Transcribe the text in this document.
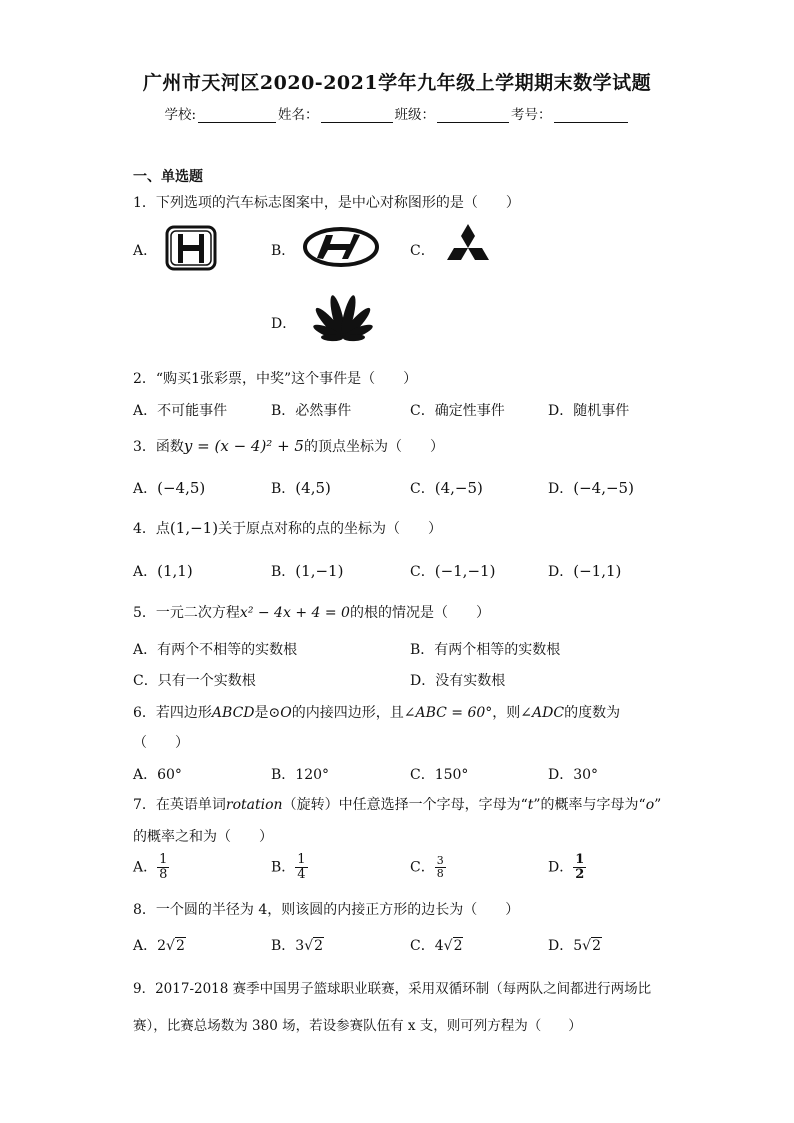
广州市天河区2020-2021学年九年级上学期期末数学试题
学校:	姓名：	班级：	考号：
一、单选题
1．下列选项的汽车标志图案中，是中心对称图形的是（　　）
A．	B．	C．
D．
2．“购买1张彩票，中奖”这个事件是（　　）
A．不可能事件	B．必然事件	C．确定性事件	D．随机事件
3．函数y = (x − 4)² + 5的顶点坐标为（　　）
A．(−4,5)	B．(4,5)	C．(4,−5)	D．(−4,−5)
4．点(1,−1)关于原点对称的点的坐标为（　　）
A．(1,1)	B．(1,−1)	C．(−1,−1)	D．(−1,1)
5．一元二次方程x² − 4x + 4 = 0的根的情况是（　　）
A．有两个不相等的实数根	B．有两个相等的实数根
C．只有一个实数根	D．没有实数根
6．若四边形ABCD是⊙O的内接四边形，且∠ABC = 60°，则∠ADC的度数为
（　　）
A．60°	B．120°	C．150°	D．30°
7．在英语单词rotation（旋转）中任意选择一个字母，字母为“t”的概率与字母为“o”
的概率之和为（　　）
A． $\frac{1}{8}$	B． $\frac{1}{4}$	C． $\frac{3}{8}$	D． $\frac{1}{2}$
8．一个圆的半径为 4，则该圆的内接正方形的边长为（　　）
A．2√2	B．3√2	C．4√2	D．5√2
9．2017-2018 赛季中国男子篮球职业联赛，采用双循环制（每两队之间都进行两场比
赛），比赛总场数为 380 场，若设参赛队伍有 x 支，则可列方程为（　　）
